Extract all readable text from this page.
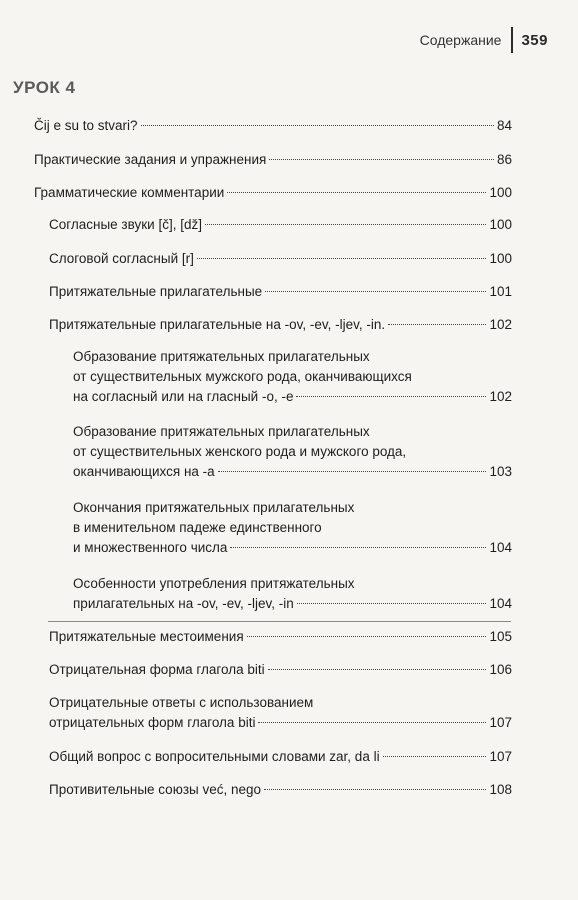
Содержание 359
УРОК 4
Čij e su to stvari?	84
Практические задания и упражнения	86
Грамматические комментарии	100
Согласные звуки [č], [dž]	100
Слоговой согласный [r]	100
Притяжательные прилагательные	101
Притяжательные прилагательные на -ov, -ev, -ljev, -in.	102
Образование притяжательных прилагательных
от существительных мужского рода, оканчивающихся
на согласный или на гласный -о, -е	102
Образование притяжательных прилагательных
от существительных женского рода и мужского рода,
оканчивающихся на -а	103
Окончания притяжательных прилагательных
в именительном падеже единственного
и множественного числа	104
Особенности употребления притяжательных
прилагательных на -ov, -ev, -ljev, -in	104
Притяжательные местоимения	105
Отрицательная форма глагола biti	106
Отрицательные ответы с использованием
отрицательных форм глагола biti	107
Общий вопрос с вопросительными словами zar, da li	107
Противительные союзы već, nego	108
